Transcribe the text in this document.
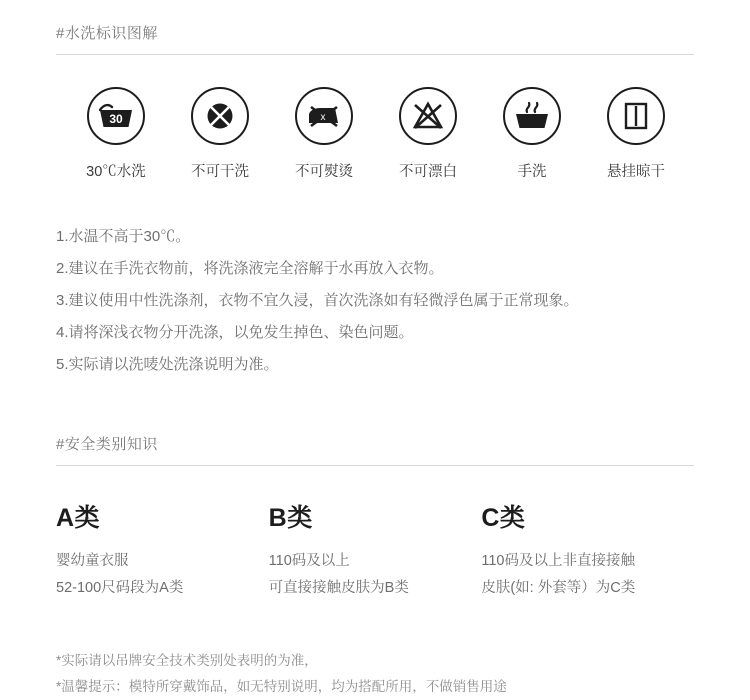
#水洗标识图解
30
30℃水洗	不可干洗
x
不可熨烫	不可漂白	手洗	悬挂晾干
1.水温不高于30℃。
2.建议在手洗衣物前，将洗涤液完全溶解于水再放入衣物。
3.建议使用中性洗涤剂，衣物不宜久浸，首次洗涤如有轻微浮色属于正常现象。
4.请将深浅衣物分开洗涤，以免发生掉色、染色问题。
5.实际请以洗唛处洗涤说明为准。
#安全类别知识
A类
婴幼童衣服
52-100尺码段为A类
B类
110码及以上
可直接接触皮肤为B类
C类
110码及以上非直接接触
皮肤(如: 外套等）为C类
*实际请以吊牌安全技术类别处表明的为准，
*温馨提示：模特所穿戴饰品，如无特别说明，均为搭配所用，不做销售用途
